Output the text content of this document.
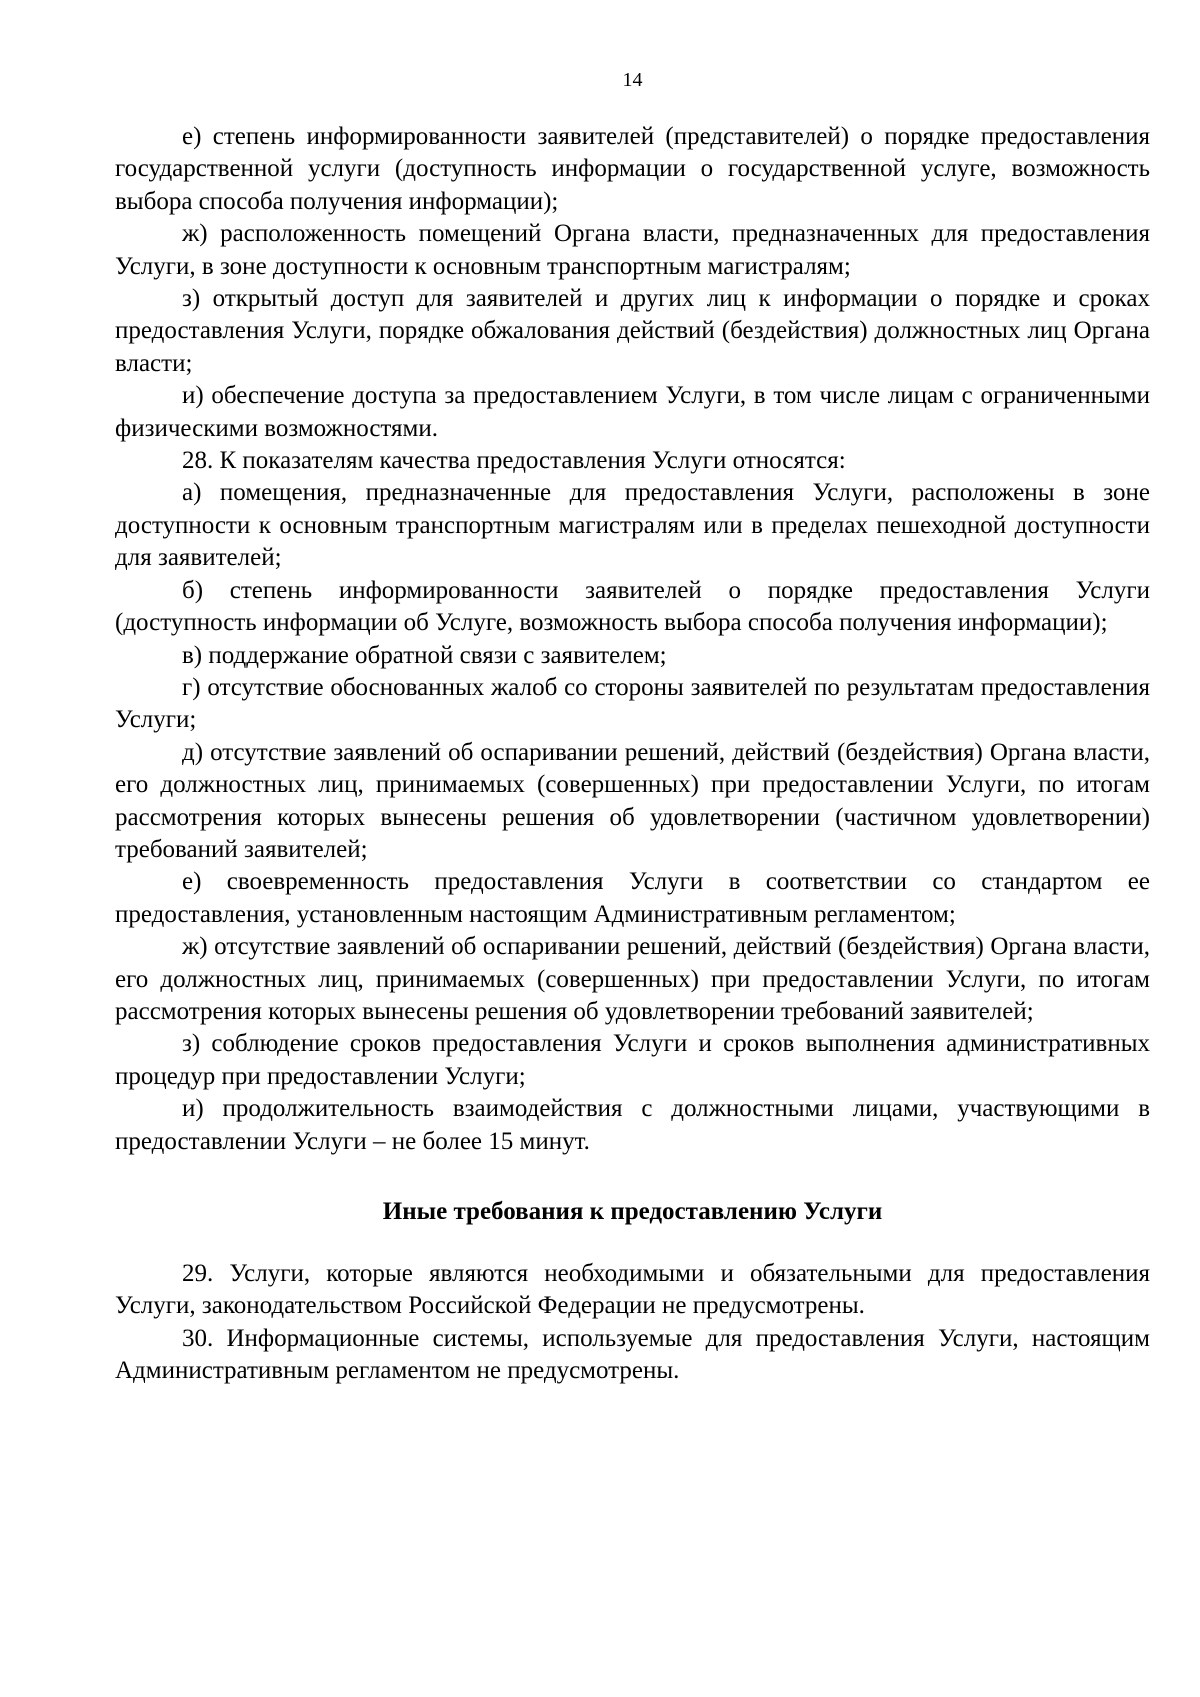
14

е) степень информированности заявителей (представителей) о порядке предоставления государственной услуги (доступность информации о государственной услуге, возможность выбора способа получения информации);

ж) расположенность помещений Органа власти, предназначенных для предоставления Услуги, в зоне доступности к основным транспортным магистралям;

з) открытый доступ для заявителей и других лиц к информации о порядке и сроках предоставления Услуги, порядке обжалования действий (бездействия) должностных лиц Органа власти;

и) обеспечение доступа за предоставлением Услуги, в том числе лицам с ограниченными физическими возможностями.

28. К показателям качества предоставления Услуги относятся:

а) помещения, предназначенные для предоставления Услуги, расположены в зоне доступности к основным транспортным магистралям или в пределах пешеходной доступности для заявителей;

б) степень информированности заявителей о порядке предоставления Услуги (доступность информации об Услуге, возможность выбора способа получения информации);

в) поддержание обратной связи с заявителем;

г) отсутствие обоснованных жалоб со стороны заявителей по результатам предоставления Услуги;

д) отсутствие заявлений об оспаривании решений, действий (бездействия) Органа власти, его должностных лиц, принимаемых (совершенных) при предоставлении Услуги, по итогам рассмотрения которых вынесены решения об удовлетворении (частичном удовлетворении) требований заявителей;

е) своевременность предоставления Услуги в соответствии со стандартом ее предоставления, установленным настоящим Административным регламентом;

ж) отсутствие заявлений об оспаривании решений, действий (бездействия) Органа власти, его должностных лиц, принимаемых (совершенных) при предоставлении Услуги, по итогам рассмотрения которых вынесены решения об удовлетворении требований заявителей;

з) соблюдение сроков предоставления Услуги и сроков выполнения административных процедур при предоставлении Услуги;

и) продолжительность взаимодействия с должностными лицами, участвующими в предоставлении Услуги – не более 15 минут.

Иные требования к предоставлению Услуги

29. Услуги, которые являются необходимыми и обязательными для предоставления Услуги, законодательством Российской Федерации не предусмотрены.

30. Информационные системы, используемые для предоставления Услуги, настоящим Административным регламентом не предусмотрены.
